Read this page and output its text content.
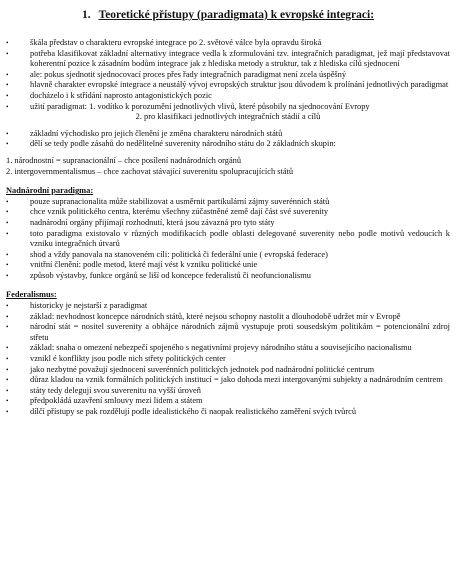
1. Teoretické přístupy (paradigmata) k evropské integraci:
• škála představ o charakteru evropské integrace po 2. světové válce byla opravdu široká
• potřeba klasifikovat základní alternativy integrace vedla k zformulování tzv. integračních paradigmat, jež mají představovat koherentní pozice k zásadním bodům integrace jak z hlediska metody a struktur, tak z hlediska cílů sjednocení
• ale: pokus sjednotit sjednocovací proces přes řady integračních paradigmat není zcela úspěšný
• hlavně charakter evropské integrace a neustálý vývoj evropských struktur jsou důvodem k prolínání jednotlivých paradigmat
• docházelo i k střídání naprosto antagonistických pozic
• užití paradigmat: 1. vodítko k porozumění jednotlivých vlivů, které působily na sjednocování Evropy
2. pro klasifikaci jednotlivých integračních stádií a cílů
• základní východisko pro jejich členění je změna charakteru národních států
• dělí se tedy podle zásahů do nedělitelné suverenity národního státu do 2 základních skupin:

1. národnostní = supranacionální – chce posílení nadnárodních orgánů

2. intergovernmentalismus – chce zachovat stávající suverenitu spolupracujících států

Nadnárodní paradigma:

• pouze supranacionalita může stabilizovat a usměrnit partikulární zájmy suverénních států
• chce vznik politického centra, kterému všechny zúčastněné země dají část své suverenity
• nadnárodní orgány přijímají rozhodnutí, která jsou závazná pro tyto státy
• toto paradigma existovalo v různých modifikacích podle oblasti delegované suverenity nebo podle motivů vedoucích k vzniku integračních útvarů
• shod a vždy panovala na stanoveném cíli: politická či federální unie ( evropská federace)
• vnitřní členění: podle metod, které mají vést k vzniku politické unie
• způsob výstavby, funkce orgánů se liší od koncepce federalistů či neofuncionalismu

Federalismus:

• historicky je nejstarší z paradigmat
• základ: nevhodnost koncepce národních států, které nejsou schopny nastolit a dlouhodobě udržet mír v Evropě
• národní stát = nositel suverenity a obhájce národních zájmů vystupuje proti sousedským politikám = potencionální zdroj střetu
• základ: snaha o omezení nebezpečí spojeného s negativními projevy národního státu a souvisejícího nacionalismu
• vznikl é konflikty jsou podle nich střety politických center
• jako nezbytné považují sjednocení suverénních politických jednotek pod nadnárodní politické centrum
• důraz kladou na vznik formálních politických institucí = jako dohoda mezi intergovanými subjekty a nadnárodním centrem
• státy tedy delegují svou suverenitu na vyšší úroveň
• předpokládá uzavření smlouvy mezi lidem a státem
• dílčí přístupy se pak rozdělují podle idealistického či naopak realistického zaměření svých tvůrců
